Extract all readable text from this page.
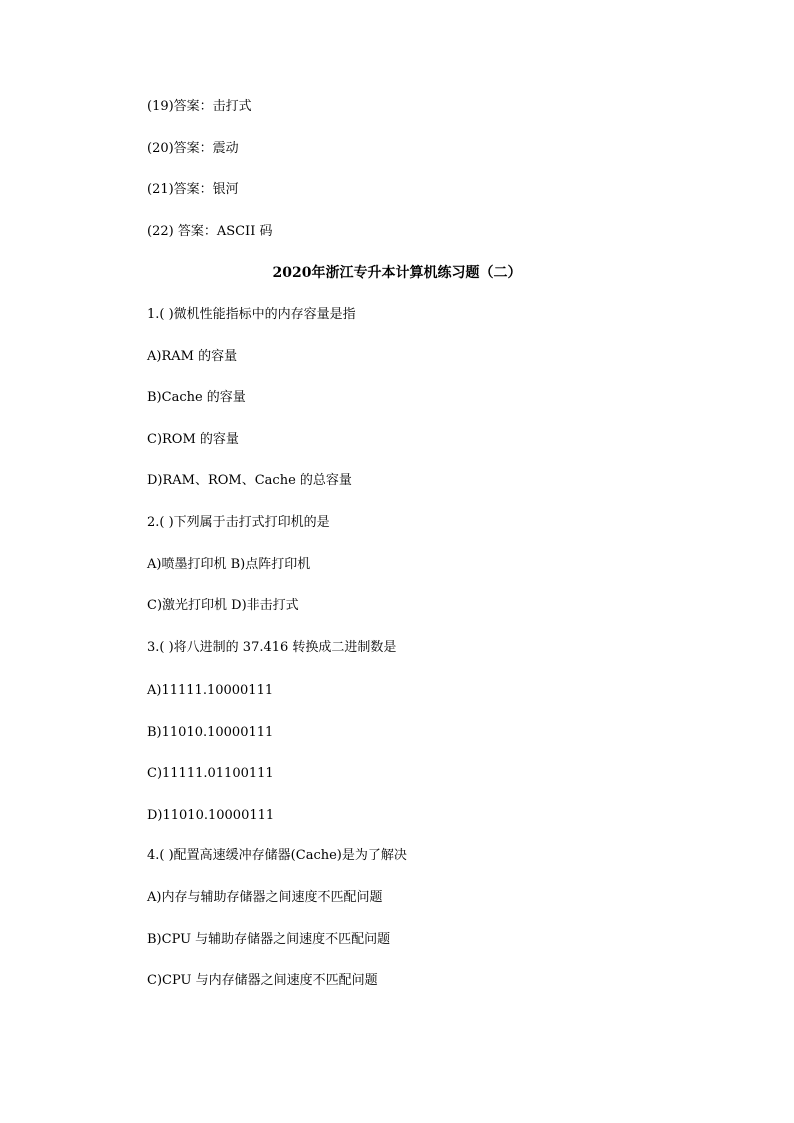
(19)答案：击打式
(20)答案：震动
(21)答案：银河
(22) 答案：ASCII 码
2020年浙江专升本计算机练习题（二）
1.( )微机性能指标中的内存容量是指
A)RAM 的容量
B)Cache 的容量
C)ROM 的容量
D)RAM、ROM、Cache 的总容量
2.( )下列属于击打式打印机的是
A)喷墨打印机 B)点阵打印机
C)激光打印机 D)非击打式
3.( )将八进制的 37.416 转换成二进制数是
A)11111.10000111
B)11010.10000111
C)11111.01100111
D)11010.10000111
4.( )配置高速缓冲存储器(Cache)是为了解决
A)内存与辅助存储器之间速度不匹配问题
B)CPU 与辅助存储器之间速度不匹配问题
C)CPU 与内存储器之间速度不匹配问题
